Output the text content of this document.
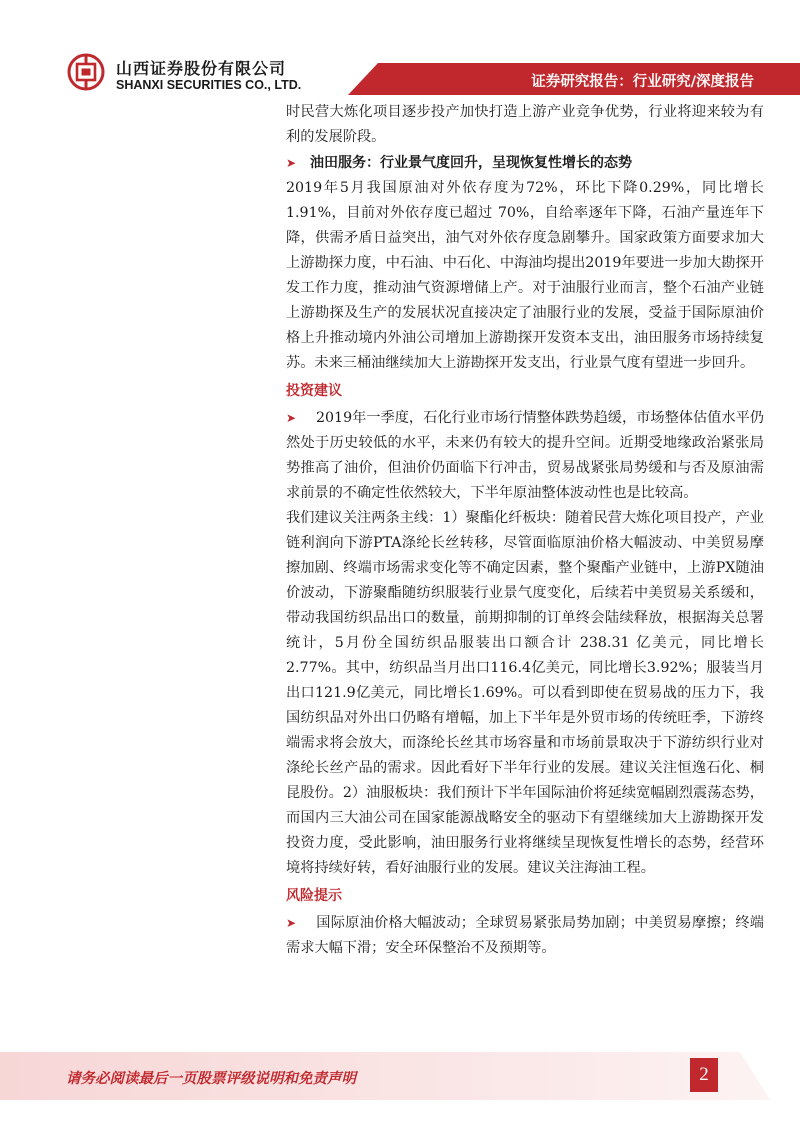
山西证券股份有限公司
SHANXI SECURITIES CO., LTD.	证券研究报告：行业研究/深度报告

时民营大炼化项目逐步投产加快打造上游产业竞争优势，行业将迎来较为有利的发展阶段。

➤ 油田服务：行业景气度回升，呈现恢复性增长的态势

2019年5月我国原油对外依存度为72%，环比下降0.29%，同比增长1.91%，目前对外依存度已超过 70%，自给率逐年下降，石油产量连年下降，供需矛盾日益突出，油气对外依存度急剧攀升。国家政策方面要求加大上游勘探力度，中石油、中石化、中海油均提出2019年要进一步加大勘探开发工作力度，推动油气资源增储上产。对于油服行业而言，整个石油产业链上游勘探及生产的发展状况直接决定了油服行业的发展，受益于国际原油价格上升推动境内外油公司增加上游勘探开发资本支出，油田服务市场持续复苏。未来三桶油继续加大上游勘探开发支出，行业景气度有望进一步回升。

投资建议

➤ 2019年一季度，石化行业市场行情整体跌势趋缓，市场整体估值水平仍然处于历史较低的水平，未来仍有较大的提升空间。近期受地缘政治紧张局势推高了油价，但油价仍面临下行冲击，贸易战紧张局势缓和与否及原油需求前景的不确定性依然较大，下半年原油整体波动性也是比较高。

我们建议关注两条主线：1）聚酯化纤板块：随着民营大炼化项目投产，产业链利润向下游PTA涤纶长丝转移，尽管面临原油价格大幅波动、中美贸易摩擦加剧、终端市场需求变化等不确定因素，整个聚酯产业链中，上游PX随油价波动，下游聚酯随纺织服装行业景气度变化，后续若中美贸易关系缓和，带动我国纺织品出口的数量，前期抑制的订单终会陆续释放，根据海关总署统计，5月份全国纺织品服装出口额合计 238.31 亿美元，同比增长2.77%。其中，纺织品当月出口116.4亿美元，同比增长3.92%；服装当月出口121.9亿美元，同比增长1.69%。可以看到即使在贸易战的压力下，我国纺织品对外出口仍略有增幅，加上下半年是外贸市场的传统旺季，下游终端需求将会放大，而涤纶长丝其市场容量和市场前景取决于下游纺织行业对涤纶长丝产品的需求。因此看好下半年行业的发展。建议关注恒逸石化、桐昆股份。2）油服板块：我们预计下半年国际油价将延续宽幅剧烈震荡态势，而国内三大油公司在国家能源战略安全的驱动下有望继续加大上游勘探开发投资力度，受此影响，油田服务行业将继续呈现恢复性增长的态势，经营环境将持续好转，看好油服行业的发展。建议关注海油工程。

风险提示

➤ 国际原油价格大幅波动；全球贸易紧张局势加剧；中美贸易摩擦；终端需求大幅下滑；安全环保整治不及预期等。

请务必阅读最后一页股票评级说明和免责声明	2
